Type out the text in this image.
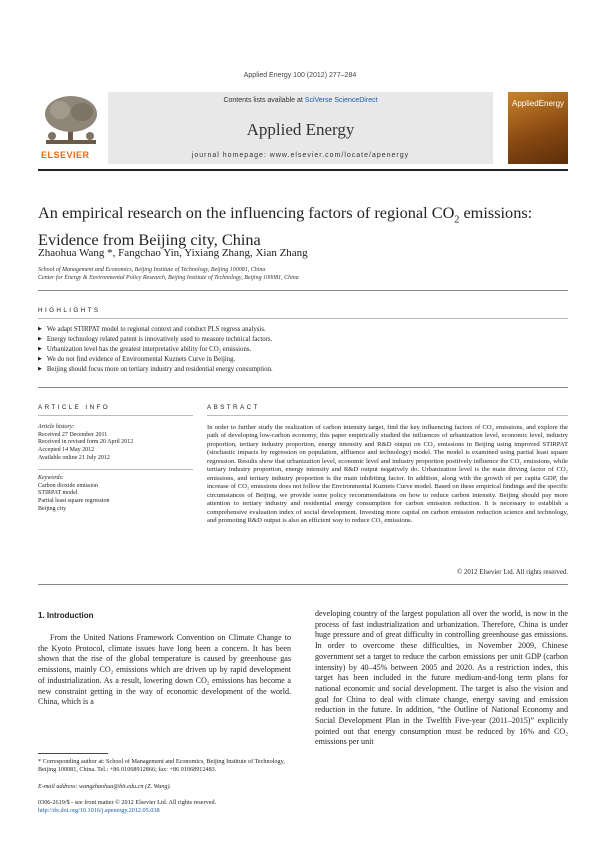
Applied Energy 100 (2012) 277–284
ELSEVIER
Contents lists available at SciVerse ScienceDirect
Applied Energy
journal homepage: www.elsevier.com/locate/apenergy
AppliedEnergy
An empirical research on the influencing factors of regional $CO_2$ emissions: Evidence from Beijing city, China
Zhaohua Wang *, Fangchao Yin, Yixiang Zhang, Xian Zhang
School of Management and Economics, Beijing Institute of Technology, Beijing 100081, China
Center for Energy & Environmental Policy Research, Beijing Institute of Technology, Beijing 100081, China
HIGHLIGHTS
▶ We adapt STIRPAT model to regional context and conduct PLS regress analysis.
▶ Energy technology related patent is innovatively used to measure technical factors.
▶ Urbanization level has the greatest interpretative ability for CO₂ emissions.
▶ We do not find evidence of Environmental Kuznets Curve in Beijing.
▶ Beijing should focus more on tertiary industry and residential energy consumption.
ARTICLE INFO
Article history:
Received 27 December 2011
Received in revised form 20 April 2012
Accepted 14 May 2012
Available online 21 July 2012
Keywords:
Carbon dioxide emission
STIRPAT model
Partial least square regression
Beijing city
ABSTRACT
In order to further study the realization of carbon intensity target, find the key influencing factors of CO₂ emissions, and explore the path of developing low-carbon economy, this paper empirically studied the influences of urbanization level, economic level, industry proportion, tertiary industry proportion, energy intensity and R&D output on CO₂ emissions in Beijing using improved STIRPAT (stochastic impacts by regression on population, affluence and technology) model. The model is examined using partial least square regression. Results show that urbanization level, economic level and industry proportion positively influence the CO₂ emissions, while tertiary industry proportion, energy intensity and R&D output negatively do. Urbanization level is the main driving factor of CO₂ emissions, and tertiary industry proportion is the main inhibiting factor. In addition, along with the growth of per capita GDP, the increase of CO₂ emissions does not follow the Environmental Kuznets Curve model. Based on these empirical findings and the specific circumstances of Beijing, we provide some policy recommendations on how to reduce carbon intensity. Beijing should pay more attention to tertiary industry and residential energy consumption for carbon emission reduction. It is necessary to establish a comprehensive evaluation index of social development. Investing more capital on carbon emission reduction science and technology, and promoting R&D output is also an efficient way to reduce CO₂ emissions.
© 2012 Elsevier Ltd. All rights reserved.
1. Introduction
From the United Nations Framework Convention on Climate Change to the Kyoto Protocol, climate issues have long been a concern. It has been shown that the rise of the global temperature is caused by greenhouse gas emissions, mainly CO₂ emissions which are driven up by rapid development of industrialization. As a result, lowering down CO₂ emissions has become a new constraint getting in the way of economic development of the world. China, which is a
developing country of the largest population all over the world, is now in the process of fast industrialization and urbanization. Therefore, China is under huge pressure and of great difficulty in controlling greenhouse gas emissions. In order to overcome these difficulties, in November 2009, Chinese government set a target to reduce the carbon emissions per unit GDP (carbon intensity) by 40–45% between 2005 and 2020. As a restriction index, this target has been included in the future medium-and-long term plans for national economic and social development. The target is also the vision and goal for China to deal with climate change, energy saving and emission reduction in the future. In addition, “the Outline of National Economy and Social Development Plan in the Twelfth Five-year (2011–2015)” explicitly pointed out that energy consumption must be reduced by 16% and CO₂ emissions per unit
* Corresponding author at: School of Management and Economics, Beijing Institute of Technology, Beijing 100081, China. Tel.: +86 01068912866; fax: +86 01068912483.
E-mail address: wangzhaohua@bit.edu.cn (Z. Wang).
0306-2619/$ - see front matter © 2012 Elsevier Ltd. All rights reserved.
http://dx.doi.org/10.1016/j.apenergy.2012.05.038
